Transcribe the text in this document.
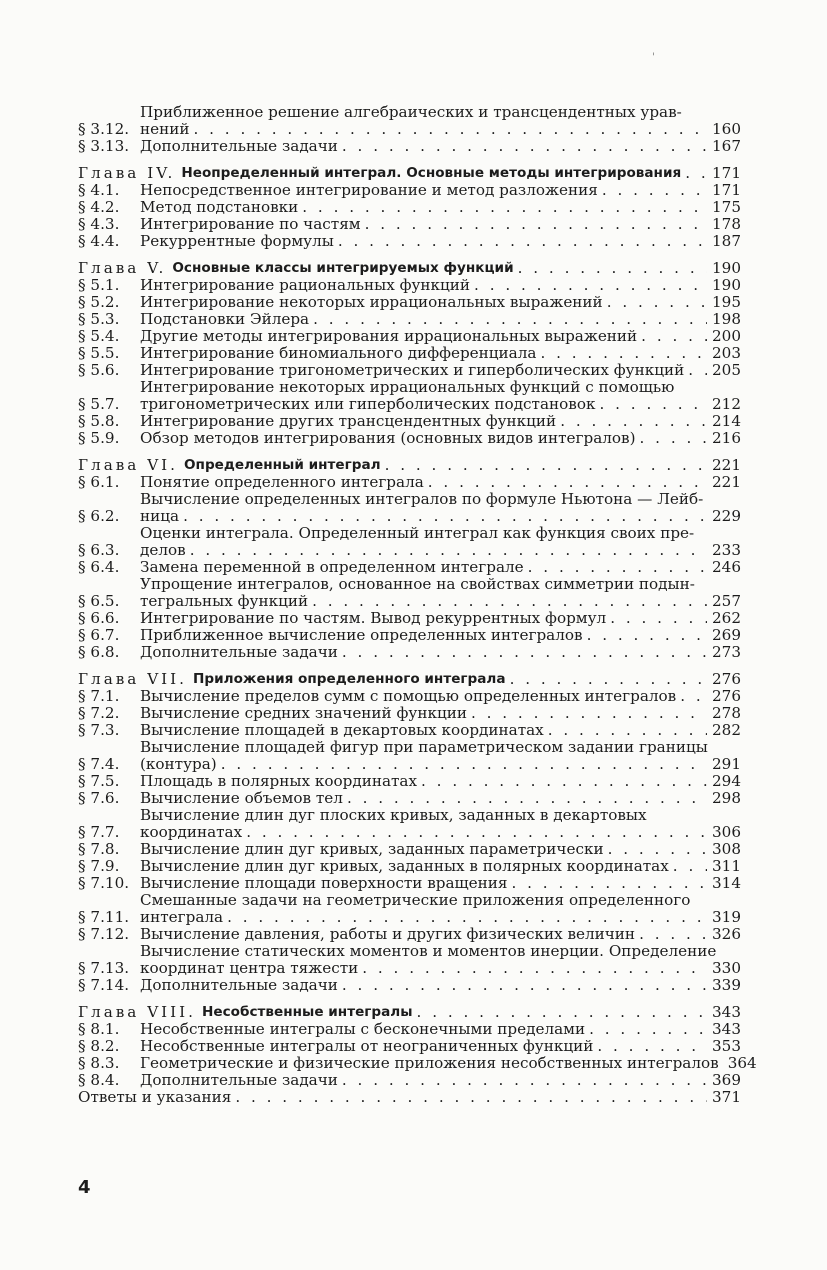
'
§ 3.12.
Приближенное решение алгебраических и трансцендентных урав-
нений . . .	160
§ 3.13. Дополнительные задачи . . .	167
Глава IV. Неопределенный интеграл. Основные методы интегрирования . . . 171
§ 4.1.	Непосредственное интегрирование и метод разложения . . .	171
§ 4.2.	Метод подстановки . . .	175
§ 4.3.	Интегрирование по частям . . .	178
§ 4.4.	Рекуррентные формулы . . .	187
Глава V. Основные классы интегрируемых функций . . .	190
§ 5.1.	Интегрирование рациональных функций . . .	190
§ 5.2.	Интегрирование некоторых иррациональных выражений . . .	195
§ 5.3.	Подстановки Эйлера . . .	198
§ 5.4.	Другие методы интегрирования иррациональных выражений . . .	200
§ 5.5.	Интегрирование биномиального дифференциала . . .	203
§ 5.6.	Интегрирование тригонометрических и гиперболических функций . . . 205
§ 5.7.
Интегрирование некоторых иррациональных функций с помощью
тригонометрических или гиперболических подстановок . . .	212
§ 5.8.	Интегрирование других трансцендентных функций . . .	214
§ 5.9.	Обзор методов интегрирования (основных видов интегралов) . . .	216
Глава VI. Определенный интеграл . . .	221
§ 6.1.	Понятие определенного интеграла . . .	221
§ 6.2.
Вычисление определенных интегралов по формуле Ньютона — Лейб-
ница . . .	229
§ 6.3.
Оценки интеграла. Определенный интеграл как функция своих пре-
делов . . .	233
§ 6.4.	Замена переменной в определенном интеграле . . .	246
§ 6.5.
Упрощение интегралов, основанное на свойствах симметрии подын-
тегральных функций . . .	257
§ 6.6.	Интегрирование по частям. Вывод рекуррентных формул . . .	262
§ 6.7.	Приближенное вычисление определенных интегралов . . .	269
§ 6.8.	Дополнительные задачи . . .	273
Глава VII. Приложения определенного интеграла . . .	276
§ 7.1.	Вычисление пределов сумм с помощью определенных интегралов . . . 276
§ 7.2.	Вычисление средних значений функции . . .	278
§ 7.3.	Вычисление площадей в декартовых координатах . . .	282
§ 7.4.
Вычисление площадей фигур при параметрическом задании границы
(контура) . . .	291
§ 7.5.	Площадь в полярных координатах . . .	294
§ 7.6.	Вычисление объемов тел . . .	298
§ 7.7.
Вычисление длин дуг плоских кривых, заданных в декартовых
координатах . . .	306
§ 7.8.	Вычисление длин дуг кривых, заданных параметрически . . .	308
§ 7.9.	Вычисление длин дуг кривых, заданных в полярных координатах . . .	311
§ 7.10. Вычисление площади поверхности вращения . . .	314
§ 7.11.
Смешанные задачи на геометрические приложения определенного
интеграла . . .	319
§ 7.12. Вычисление давления, работы и других физических величин . . .	326
§ 7.13.
Вычисление статических моментов и моментов инерции. Определение
координат центра тяжести . . .	330
§ 7.14. Дополнительные задачи . . .	339
Глава VIII. Несобственные интегралы . . .	343
§ 8.1.	Несобственные интегралы с бесконечными пределами . . .	343
§ 8.2.	Несобственные интегралы от неограниченных функций . . .	353
§ 8.3.	Геометрические и физические приложения несобственных интегралов 364
§ 8.4.	Дополнительные задачи . . .	369
Ответы и указания . . .	371
4
